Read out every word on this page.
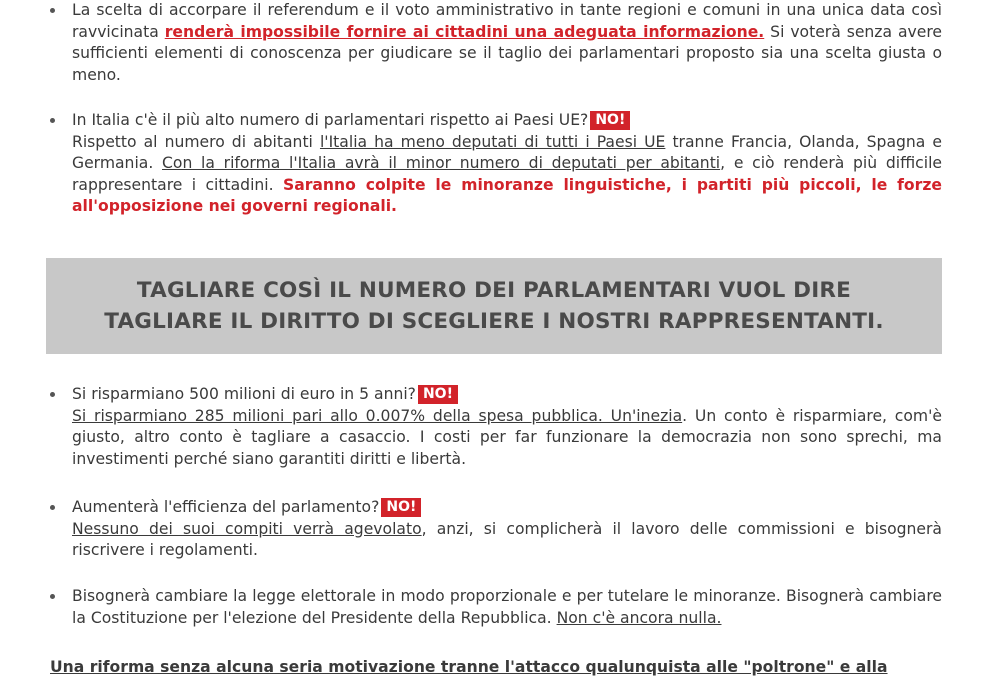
La scelta di accorpare il referendum e il voto amministrativo in tante regioni e comuni in una unica data così ravvicinata renderà impossibile fornire ai cittadini una adeguata informazione. Si voterà senza avere sufficienti elementi di conoscenza per giudicare se il taglio dei parlamentari proposto sia una scelta giusta o meno.
In Italia c'è il più alto numero di parlamentari rispetto ai Paesi UE? NO!
Rispetto al numero di abitanti l'Italia ha meno deputati di tutti i Paesi UE tranne Francia, Olanda, Spagna e Germania. Con la riforma l'Italia avrà il minor numero di deputati per abitanti, e ciò renderà più difficile rappresentare i cittadini. Saranno colpite le minoranze linguistiche, i partiti più piccoli, le forze all'opposizione nei governi regionali.
TAGLIARE COSÌ IL NUMERO DEI PARLAMENTARI VUOL DIRE
TAGLIARE IL DIRITTO DI SCEGLIERE I NOSTRI RAPPRESENTANTI.
Si risparmiano 500 milioni di euro in 5 anni? NO!
Si risparmiano 285 milioni pari allo 0.007% della spesa pubblica. Un'inezia. Un conto è risparmiare, com'è giusto, altro conto è tagliare a casaccio. I costi per far funzionare la democrazia non sono sprechi, ma investimenti perché siano garantiti diritti e libertà.
Aumenterà l'efficienza del parlamento? NO!
Nessuno dei suoi compiti verrà agevolato, anzi, si complicherà il lavoro delle commissioni e bisognerà riscrivere i regolamenti.
Bisognerà cambiare la legge elettorale in modo proporzionale e per tutelare le minoranze. Bisognerà cambiare la Costituzione per l'elezione del Presidente della Repubblica. Non c'è ancora nulla.
Una riforma senza alcuna seria motivazione tranne l'attacco qualunquista alle "poltrone" e alla
